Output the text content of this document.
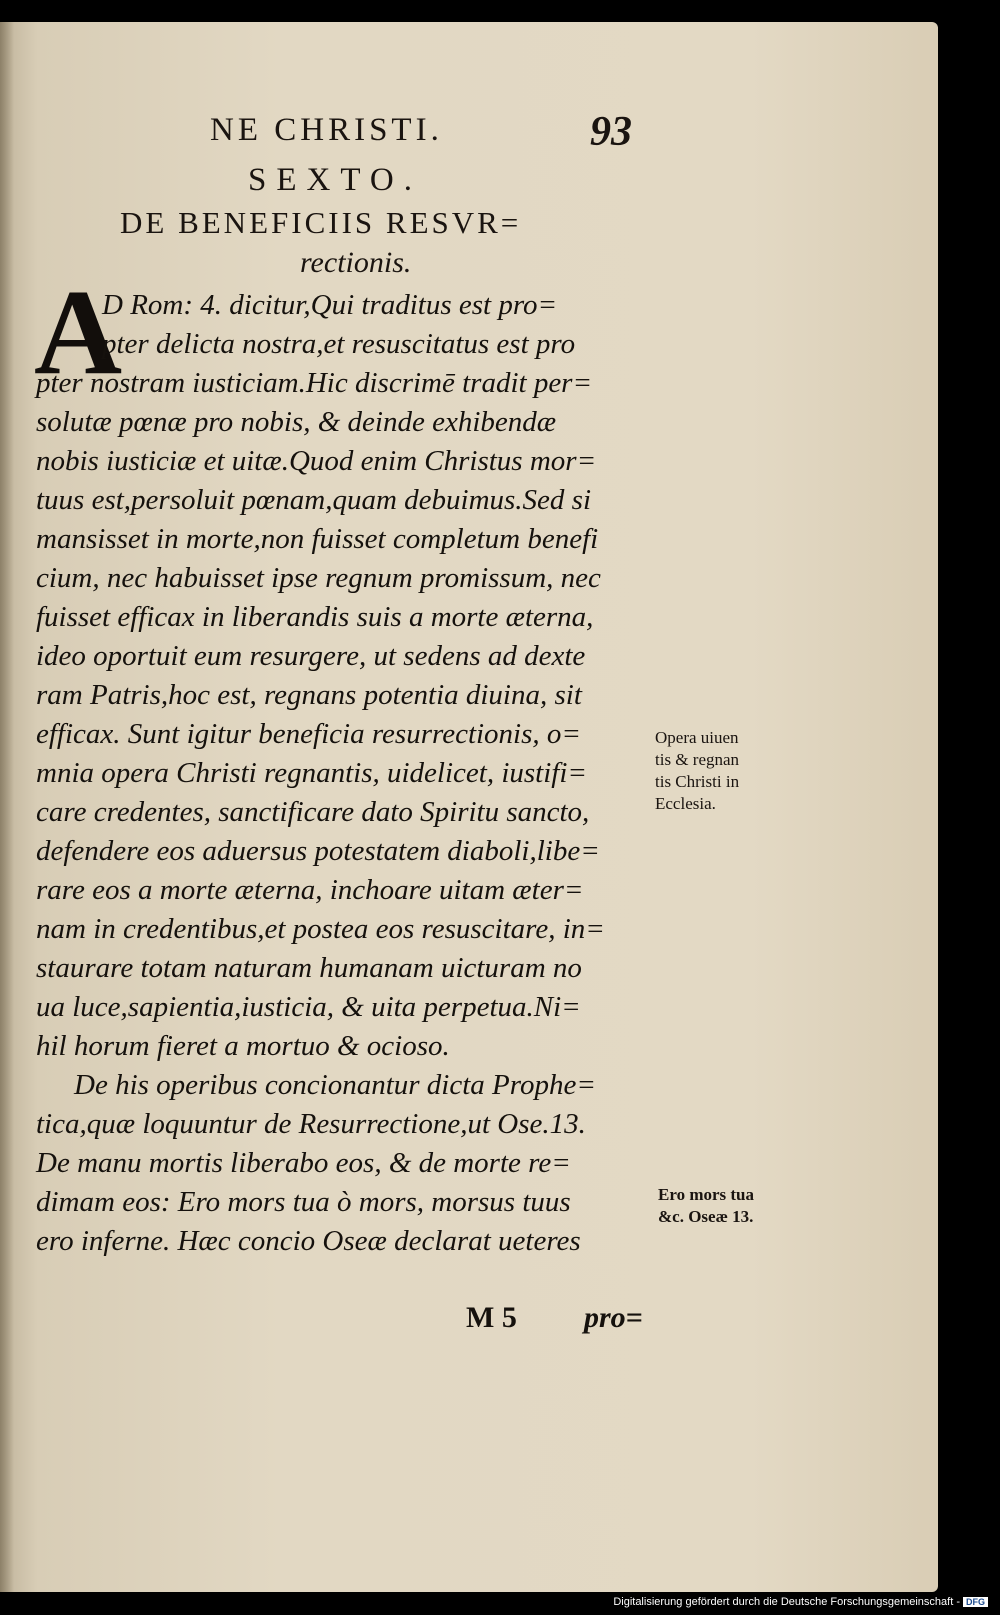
NE CHRISTI.	93
SEXTO.
DE BENEFICIIS RESVR=
rectionis.
A
D Rom: 4. dicitur,Qui traditus est pro=
pter delicta nostra,et resuscitatus est pro
pter nostram iusticiam.Hic discrimē tradit per=
solutæ pœnæ pro nobis, & deinde exhibendæ
nobis iusticiæ et uitæ.Quod enim Christus mor=
tuus est,persoluit pœnam,quam debuimus.Sed si
mansisset in morte,non fuisset completum benefi
cium, nec habuisset ipse regnum promissum, nec
fuisset efficax in liberandis suis a morte æterna,
ideo oportuit eum resurgere, ut sedens ad dexte
ram Patris,hoc est, regnans potentia diuina, sit
efficax. Sunt igitur beneficia resurrectionis, o=
mnia opera Christi regnantis, uidelicet, iustifi=
care credentes, sanctificare dato Spiritu sancto,
defendere eos aduersus potestatem diaboli,libe=
rare eos a morte æterna, inchoare uitam æter=
nam in credentibus,et postea eos resuscitare, in=
staurare totam naturam humanam uicturam no
ua luce,sapientia,iusticia, & uita perpetua.Ni=
hil horum fieret a mortuo & ocioso.
De his operibus concionantur dicta Prophe=
tica,quæ loquuntur de Resurrectione,ut Ose.13.
De manu mortis liberabo eos, & de morte re=
dimam eos: Ero mors tua ò mors, morsus tuus
ero inferne. Hæc concio Oseæ declarat ueteres
Opera uiuen
tis & regnan
tis Christi in
Ecclesia.
Ero mors tua
&c. Oseæ 13.
M 5 pro=
Digitalisierung gefördert durch die Deutsche Forschungsgemeinschaft - DFG
